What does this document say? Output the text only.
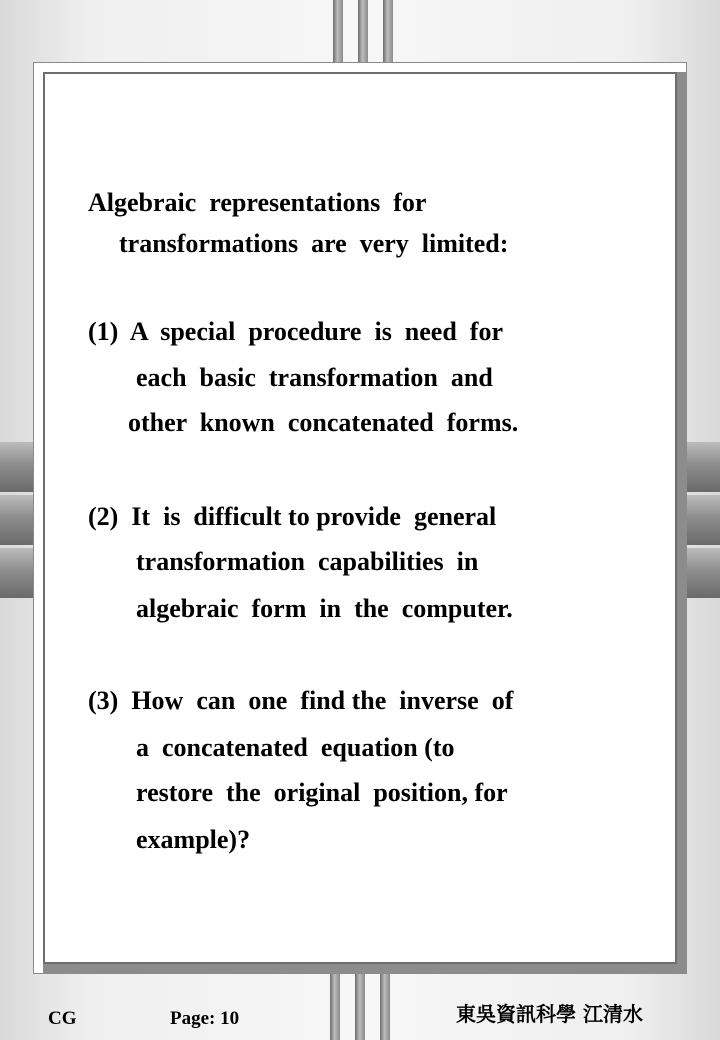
Algebraic  representations  for
transformations  are  very  limited:
(1)  A  special  procedure  is  need  for
each  basic  transformation  and
other  known  concatenated  forms.
(2)  It  is  difficult to provide  general
transformation  capabilities  in
algebraic  form  in  the  computer.
(3)  How  can  one  find the  inverse  of
a  concatenated  equation (to
restore  the  original  position, for
example)?
CG	Page: 10	東吳資訊科學 江清水
